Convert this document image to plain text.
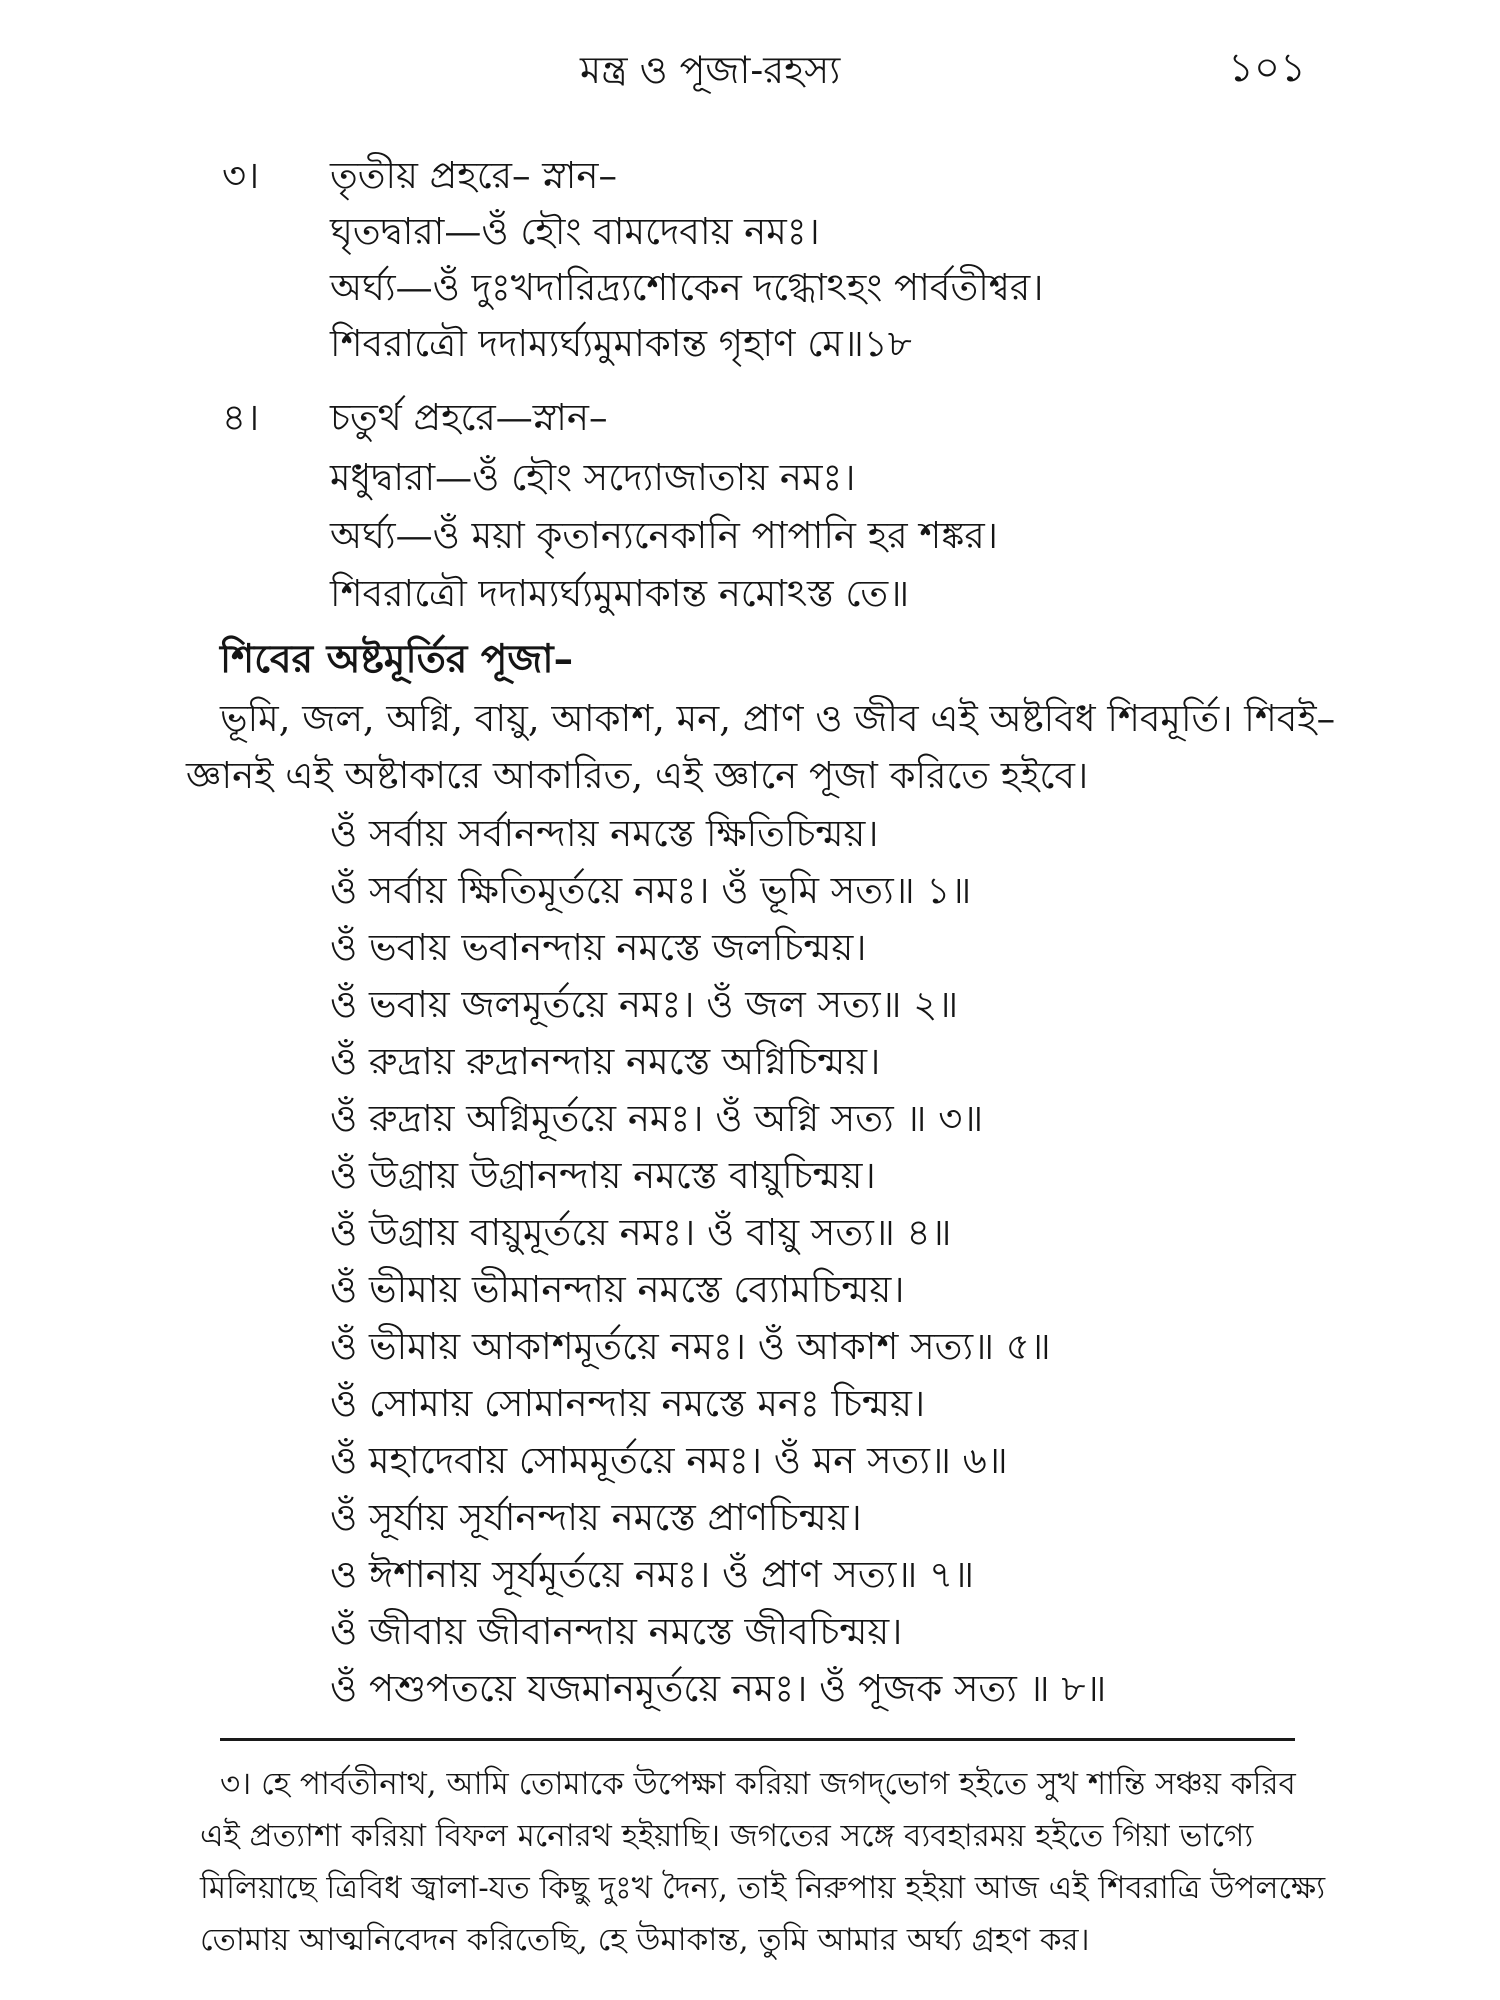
মন্ত্র ও পূজা-রহস্য	১০১
৩। তৃতীয় প্রহরে– স্নান–
ঘৃতদ্বারা—ওঁ হৌং বামদেবায় নমঃ।
অর্ঘ্য—ওঁ দুঃখদারিদ্র্যশোকেন দগ্ধোঽহং পার্বতীশ্বর।
শিবরাত্রৌ দদাম্যর্ঘ্যমুমাকান্ত গৃহাণ মে॥১৮
৪। চতুর্থ প্রহরে—স্নান–
মধুদ্বারা—ওঁ হৌং সদ্যোজাতায় নমঃ।
অর্ঘ্য—ওঁ ময়া কৃতান্যনেকানি পাপানি হর শঙ্কর।
শিবরাত্রৌ দদাম্যর্ঘ্যমুমাকান্ত নমোঽস্ত তে॥
শিবের অষ্টমূর্তির পূজা–
ভূমি, জল, অগ্নি, বায়ু, আকাশ, মন, প্রাণ ও জীব এই অষ্টবিধ শিবমূর্তি। শিবই–
জ্ঞানই এই অষ্টাকারে আকারিত, এই জ্ঞানে পূজা করিতে হইবে।
ওঁ সর্বায় সর্বানন্দায় নমস্তে ক্ষিতিচিন্ময়।
ওঁ সর্বায় ক্ষিতিমূর্তয়ে নমঃ। ওঁ ভূমি সত্য॥ ১॥
ওঁ ভবায় ভবানন্দায় নমস্তে জলচিন্ময়।
ওঁ ভবায় জলমূর্তয়ে নমঃ। ওঁ জল সত্য॥ ২॥
ওঁ রুদ্রায় রুদ্রানন্দায় নমস্তে অগ্নিচিন্ময়।
ওঁ রুদ্রায় অগ্নিমূর্তয়ে নমঃ। ওঁ অগ্নি সত্য ॥ ৩॥
ওঁ উগ্রায় উগ্রানন্দায় নমস্তে বায়ুচিন্ময়।
ওঁ উগ্রায় বায়ুমূর্তয়ে নমঃ। ওঁ বায়ু সত্য॥ ৪॥
ওঁ ভীমায় ভীমানন্দায় নমস্তে ব্যোমচিন্ময়।
ওঁ ভীমায় আকাশমূর্তয়ে নমঃ। ওঁ আকাশ সত্য॥ ৫॥
ওঁ সোমায় সোমানন্দায় নমস্তে মনঃ চিন্ময়।
ওঁ মহাদেবায় সোমমূর্তয়ে নমঃ। ওঁ মন সত্য॥ ৬॥
ওঁ সূর্যায় সূর্যানন্দায় নমস্তে প্রাণচিন্ময়।
ও ঈশানায় সূর্যমূর্তয়ে নমঃ। ওঁ প্রাণ সত্য॥ ৭॥
ওঁ জীবায় জীবানন্দায় নমস্তে জীবচিন্ময়।
ওঁ পশুপতয়ে যজমানমূর্তয়ে নমঃ। ওঁ পূজক সত্য ॥ ৮॥
৩। হে পার্বতীনাথ, আমি তোমাকে উপেক্ষা করিয়া জগদ্‌ভোগ হইতে সুখ শান্তি সঞ্চয় করিব
এই প্রত্যাশা করিয়া বিফল মনোরথ হইয়াছি। জগতের সঙ্গে ব্যবহারময় হইতে গিয়া ভাগ্যে
মিলিয়াছে ত্রিবিধ জ্বালা-যত কিছু দুঃখ দৈন্য, তাই নিরুপায় হইয়া আজ এই শিবরাত্রি উপলক্ষ্যে
তোমায় আত্মনিবেদন করিতেছি, হে উমাকান্ত, তুমি আমার অর্ঘ্য গ্রহণ কর।
